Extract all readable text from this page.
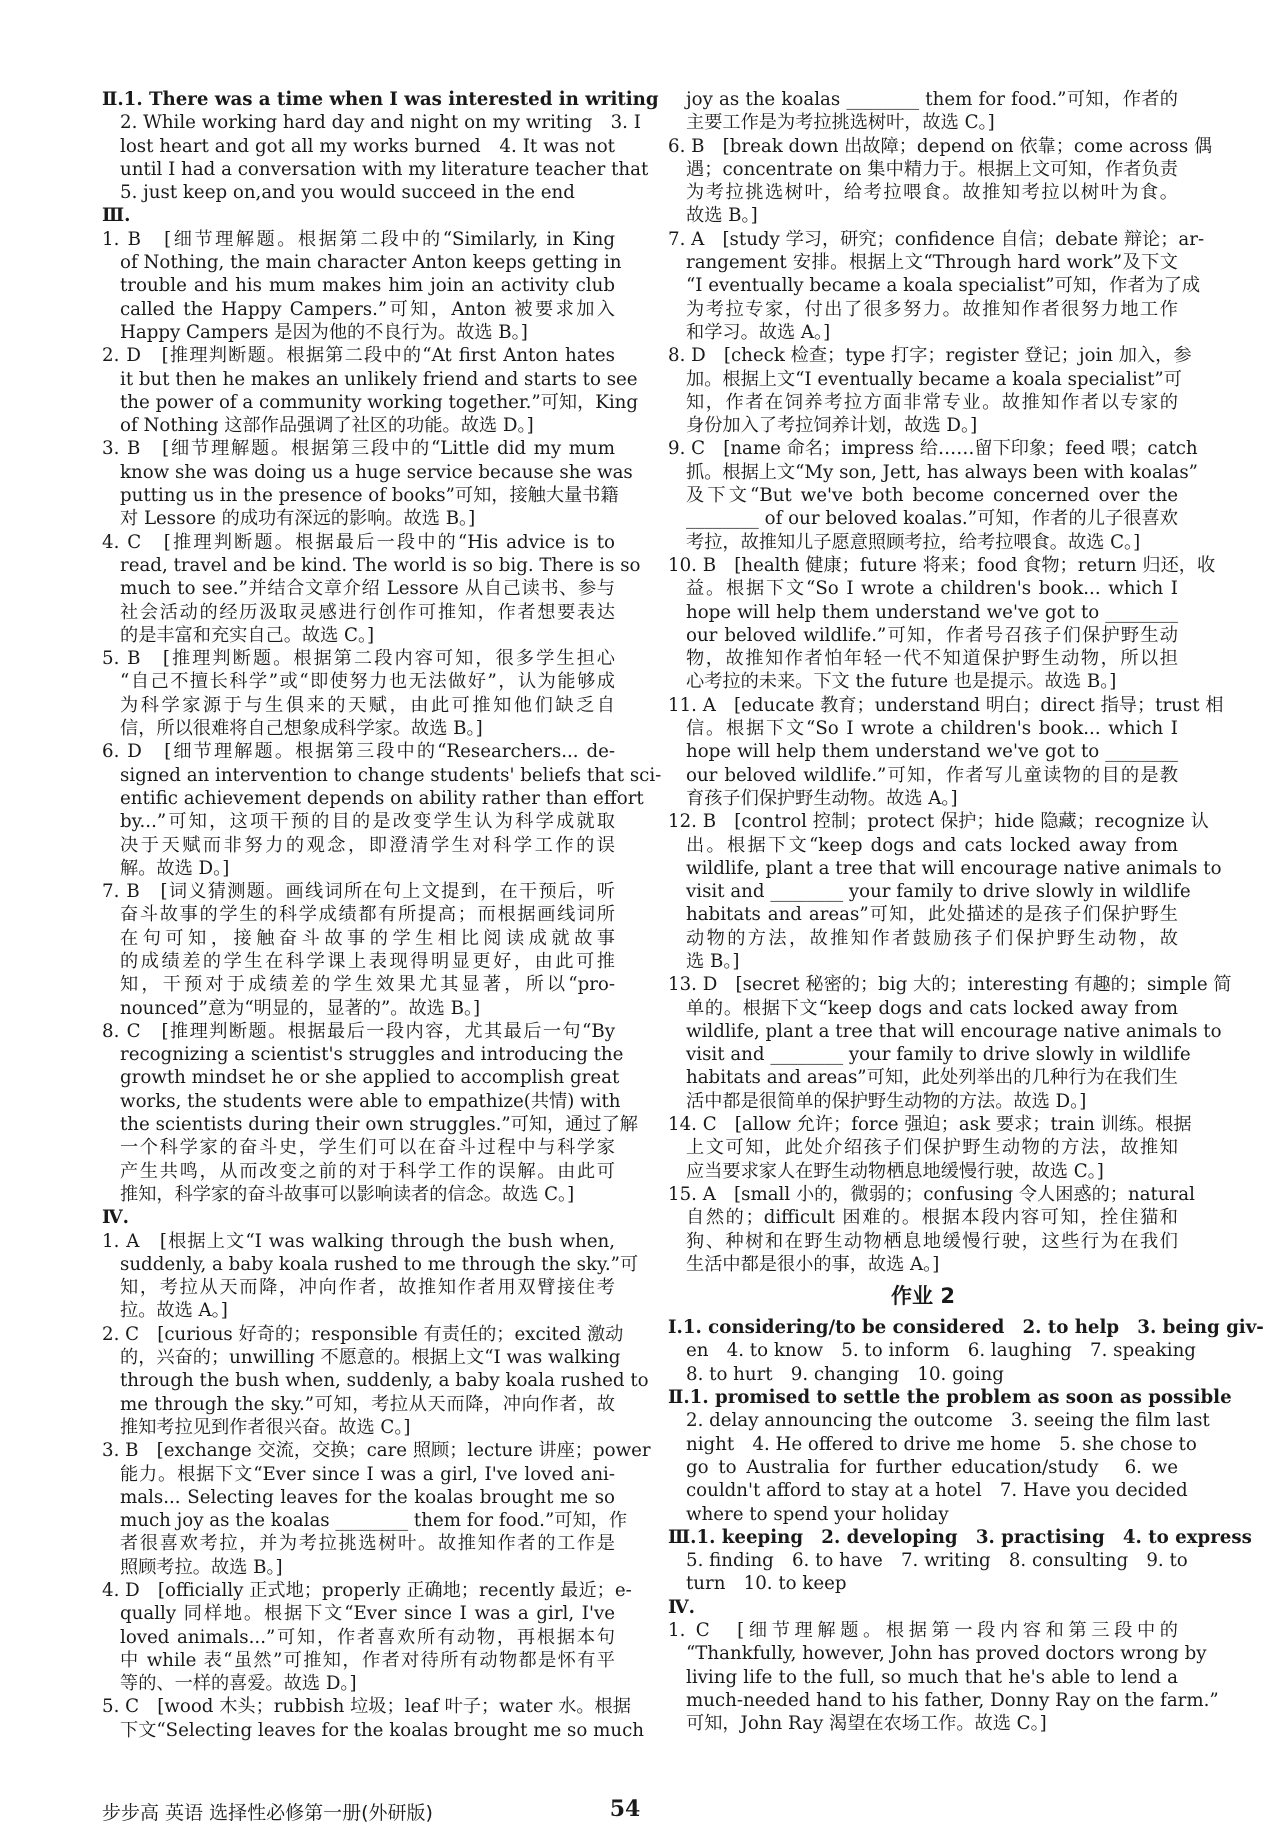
Ⅱ.1. There was a time when I was interested in writing
2. While working hard day and night on my writing　3. I
lost heart and got all my works burned　4. It was not
until I had a conversation with my literature teacher that
5. just keep on,and you would succeed in the end
Ⅲ.
1. B　[细节理解题。根据第二段中的“Similarly, in King
of Nothing, the main character Anton keeps getting in
trouble and his mum makes him join an activity club
called the Happy Campers.”可知，Anton 被要求加入
Happy Campers 是因为他的不良行为。故选 B。]
2. D　[推理判断题。根据第二段中的“At first Anton hates
it but then he makes an unlikely friend and starts to see
the power of a community working together.”可知，King
of Nothing 这部作品强调了社区的功能。故选 D。]
3. B　[细节理解题。根据第三段中的“Little did my mum
know she was doing us a huge service because she was
putting us in the presence of books”可知，接触大量书籍
对 Lessore 的成功有深远的影响。故选 B。]
4. C　[推理判断题。根据最后一段中的“His advice is to
read, travel and be kind. The world is so big. There is so
much to see.”并结合文章介绍 Lessore 从自己读书、参与
社会活动的经历汲取灵感进行创作可推知，作者想要表达
的是丰富和充实自己。故选 C。]
5. B　[推理判断题。根据第二段内容可知，很多学生担心
“自己不擅长科学”或“即使努力也无法做好”，认为能够成
为科学家源于与生俱来的天赋，由此可推知他们缺乏自
信，所以很难将自己想象成科学家。故选 B。]
6. D　[细节理解题。根据第三段中的“Researchers... de-
signed an intervention to change students' beliefs that sci-
entific achievement depends on ability rather than effort
by...”可知，这项干预的目的是改变学生认为科学成就取
决于天赋而非努力的观念，即澄清学生对科学工作的误
解。故选 D。]
7. B　[词义猜测题。画线词所在句上文提到，在干预后，听
奋斗故事的学生的科学成绩都有所提高；而根据画线词所
在句可知，接触奋斗故事的学生相比阅读成就故事
的成绩差的学生在科学课上表现得明显更好，由此可推
知，干预对于成绩差的学生效果尤其显著，所以“pro-
nounced”意为“明显的，显著的”。故选 B。]
8. C　[推理判断题。根据最后一段内容，尤其最后一句“By
recognizing a scientist's struggles and introducing the
growth mindset he or she applied to accomplish great
works, the students were able to empathize(共情) with
the scientists during their own struggles.”可知，通过了解
一个科学家的奋斗史，学生们可以在奋斗过程中与科学家
产生共鸣，从而改变之前的对于科学工作的误解。由此可
推知，科学家的奋斗故事可以影响读者的信念。故选 C。]
Ⅳ.
1. A　[根据上文“I was walking through the bush when,
suddenly, a baby koala rushed to me through the sky.”可
知，考拉从天而降，冲向作者，故推知作者用双臂接住考
拉。故选 A。]
2. C　[curious 好奇的；responsible 有责任的；excited 激动
的，兴奋的；unwilling 不愿意的。根据上文“I was walking
through the bush when, suddenly, a baby koala rushed to
me through the sky.”可知，考拉从天而降，冲向作者，故
推知考拉见到作者很兴奋。故选 C。]
3. B　[exchange 交流，交换；care 照顾；lecture 讲座；power
能力。根据下文“Ever since I was a girl, I've loved ani-
mals... Selecting leaves for the koalas brought me so
much joy as the koalas ________ them for food.”可知，作
者很喜欢考拉，并为考拉挑选树叶。故推知作者的工作是
照顾考拉。故选 B。]
4. D　[officially 正式地；properly 正确地；recently 最近；e-
qually 同样地。根据下文“Ever since I was a girl, I've
loved animals...”可知，作者喜欢所有动物，再根据本句
中 while 表“虽然”可推知，作者对待所有动物都是怀有平
等的、一样的喜爱。故选 D。]
5. C　[wood 木头；rubbish 垃圾；leaf 叶子；water 水。根据
下文“Selecting leaves for the koalas brought me so much
joy as the koalas ________ them for food.”可知，作者的
主要工作是为考拉挑选树叶，故选 C。]
6. B　[break down 出故障；depend on 依靠；come across 偶
遇；concentrate on 集中精力于。根据上文可知，作者负责
为考拉挑选树叶，给考拉喂食。故推知考拉以树叶为食。
故选 B。]
7. A　[study 学习，研究；confidence 自信；debate 辩论；ar-
rangement 安排。根据上文“Through hard work”及下文
“I eventually became a koala specialist”可知，作者为了成
为考拉专家，付出了很多努力。故推知作者很努力地工作
和学习。故选 A。]
8. D　[check 检查；type 打字；register 登记；join 加入，参
加。根据上文“I eventually became a koala specialist”可
知，作者在饲养考拉方面非常专业。故推知作者以专家的
身份加入了考拉饲养计划，故选 D。]
9. C　[name 命名；impress 给……留下印象；feed 喂；catch
抓。根据上文“My son, Jett, has always been with koalas”
及下文“But we've both become concerned over the
________ of our beloved koalas.”可知，作者的儿子很喜欢
考拉，故推知儿子愿意照顾考拉，给考拉喂食。故选 C。]
10. B　[health 健康；future 将来；food 食物；return 归还，收
益。根据下文“So I wrote a children's book... which I
hope will help them understand we've got to ________
our beloved wildlife.”可知，作者号召孩子们保护野生动
物，故推知作者怕年轻一代不知道保护野生动物，所以担
心考拉的未来。下文 the future 也是提示。故选 B。]
11. A　[educate 教育；understand 明白；direct 指导；trust 相
信。根据下文“So I wrote a children's book... which I
hope will help them understand we've got to ________
our beloved wildlife.”可知，作者写儿童读物的目的是教
育孩子们保护野生动物。故选 A。]
12. B　[control 控制；protect 保护；hide 隐藏；recognize 认
出。根据下文“keep dogs and cats locked away from
wildlife, plant a tree that will encourage native animals to
visit and ________ your family to drive slowly in wildlife
habitats and areas”可知，此处描述的是孩子们保护野生
动物的方法，故推知作者鼓励孩子们保护野生动物，故
选 B。]
13. D　[secret 秘密的；big 大的；interesting 有趣的；simple 简
单的。根据下文“keep dogs and cats locked away from
wildlife, plant a tree that will encourage native animals to
visit and ________ your family to drive slowly in wildlife
habitats and areas”可知，此处列举出的几种行为在我们生
活中都是很简单的保护野生动物的方法。故选 D。]
14. C　[allow 允许；force 强迫；ask 要求；train 训练。根据
上文可知，此处介绍孩子们保护野生动物的方法，故推知
应当要求家人在野生动物栖息地缓慢行驶，故选 C。]
15. A　[small 小的，微弱的；confusing 令人困惑的；natural
自然的；difficult 困难的。根据本段内容可知，拴住猫和
狗、种树和在野生动物栖息地缓慢行驶，这些行为在我们
生活中都是很小的事，故选 A。]
作业 2
Ⅰ.1. considering/to be considered　2. to help　3. being giv-
en　4. to know　5. to inform　6. laughing　7. speaking
8. to hurt　9. changing　10. going
Ⅱ.1. promised to settle the problem as soon as possible
2. delay announcing the outcome　3. seeing the film last
night　4. He offered to drive me home　5. she chose to
go to Australia for further education/study　6. we
couldn't afford to stay at a hotel　7. Have you decided
where to spend your holiday
Ⅲ.1. keeping　2. developing　3. practising　4. to express
5. finding　6. to have　7. writing　8. consulting　9. to
turn　10. to keep
Ⅳ.
1. C　[细节理解题。根据第一段内容和第三段中的
“Thankfully, however, John has proved doctors wrong by
living life to the full, so much that he's able to lend a
much-needed hand to his father, Donny Ray on the farm.”
可知，John Ray 渴望在农场工作。故选 C。]
步步高 英语 选择性必修第一册(外研版)	54
